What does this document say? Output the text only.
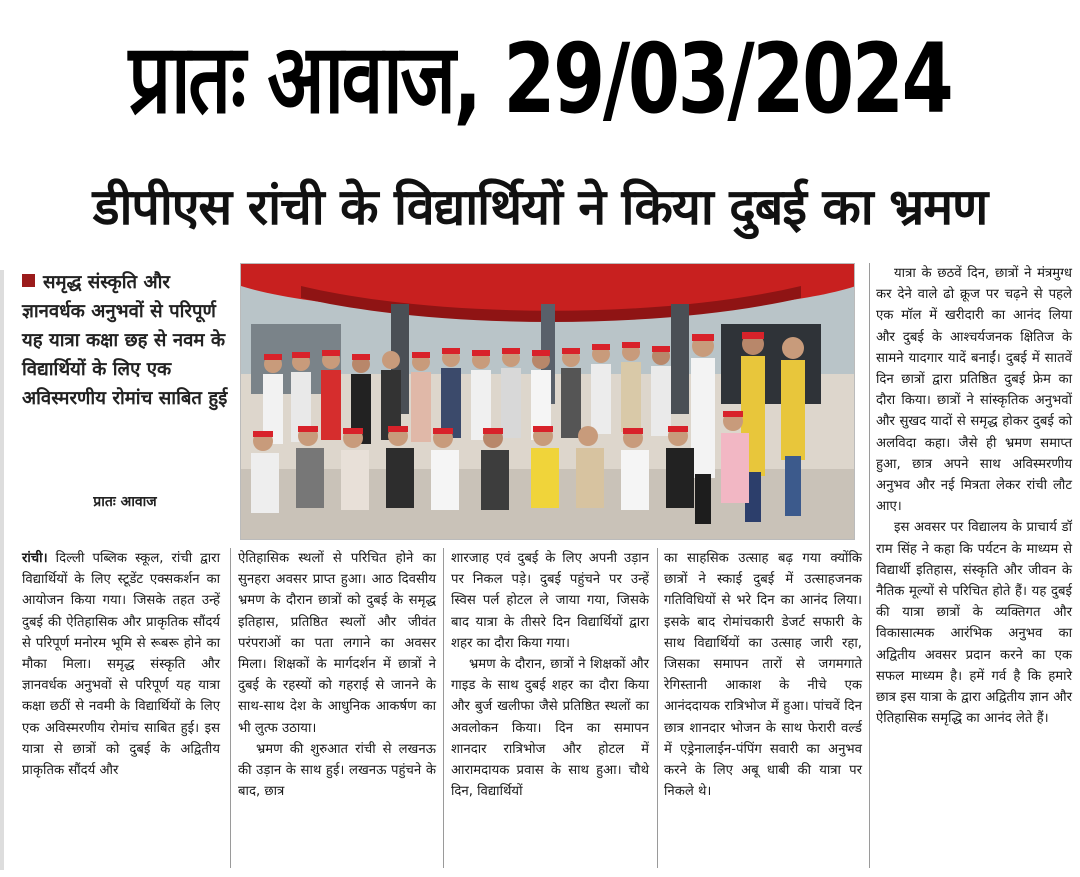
प्रातः आवाज, 29/03/2024
डीपीएस रांची के विद्यार्थियों ने किया दुबई का भ्रमण
समृद्ध संस्कृति और ज्ञानवर्धक अनुभवों से परिपूर्ण यह यात्रा कक्षा छह से नवम के विद्यार्थियों के लिए एक अविस्मरणीय रोमांच साबित हुई
प्रातः आवाज

रांची। दिल्ली पब्लिक स्कूल, रांची द्वारा विद्यार्थियों के लिए स्टूडेंट एक्सकर्शन का आयोजन किया गया। जिसके तहत उन्हें दुबई की ऐतिहासिक और प्राकृतिक सौंदर्य से परिपूर्ण मनोरम भूमि से रूबरू होने का मौका मिला। समृद्ध संस्कृति और ज्ञानवर्धक अनुभवों से परिपूर्ण यह यात्रा कक्षा छठीं से नवमी के विद्यार्थियों के लिए एक अविस्मरणीय रोमांच साबित हुई। इस यात्रा से छात्रों को दुबई के अद्वितीय प्राकृतिक सौंदर्य और

ऐतिहासिक स्थलों से परिचित होने का सुनहरा अवसर प्राप्त हुआ। आठ दिवसीय भ्रमण के दौरान छात्रों को दुबई के समृद्ध इतिहास, प्रतिष्ठित स्थलों और जीवंत परंपराओं का पता लगाने का अवसर मिला। शिक्षकों के मार्गदर्शन में छात्रों ने दुबई के रहस्यों को गहराई से जानने के साथ-साथ देश के आधुनिक आकर्षण का भी लुत्फ उठाया।

भ्रमण की शुरुआत रांची से लखनऊ की उड़ान के साथ हुई। लखनऊ पहुंचने के बाद, छात्र

शारजाह एवं दुबई के लिए अपनी उड़ान पर निकल पड़े। दुबई पहुंचने पर उन्हें स्विस पर्ल होटल ले जाया गया, जिसके बाद यात्रा के तीसरे दिन विद्यार्थियों द्वारा शहर का दौरा किया गया।

भ्रमण के दौरान, छात्रों ने शिक्षकों और गाइड के साथ दुबई शहर का दौरा किया और बुर्ज खलीफा जैसे प्रतिष्ठित स्थलों का अवलोकन किया। दिन का समापन शानदार रात्रिभोज और होटल में आरामदायक प्रवास के साथ हुआ। चौथे दिन, विद्यार्थियों

का साहसिक उत्साह बढ़ गया क्योंकि छात्रों ने स्काई दुबई में उत्साहजनक गतिविधियों से भरे दिन का आनंद लिया। इसके बाद रोमांचकारी डेजर्ट सफारी के साथ विद्यार्थियों का उत्साह जारी रहा, जिसका समापन तारों से जगमगाते रेगिस्तानी आकाश के नीचे एक आनंददायक रात्रिभोज में हुआ। पांचवें दिन छात्र शानदार भोजन के साथ फेरारी वर्ल्ड में एड्रेनालाईन-पंपिंग सवारी का अनुभव करने के लिए अबू धाबी की यात्रा पर निकले थे।

यात्रा के छठवें दिन, छात्रों ने मंत्रमुग्ध कर देने वाले ढो क्रूज पर चढ़ने से पहले एक मॉल में खरीदारी का आनंद लिया और दुबई के आश्चर्यजनक क्षितिज के सामने यादगार यादें बनाईं। दुबई में सातवें दिन छात्रों द्वारा प्रतिष्ठित दुबई फ्रेम का दौरा किया। छात्रों ने सांस्कृतिक अनुभवों और सुखद यादों से समृद्ध होकर दुबई को अलविदा कहा। जैसे ही भ्रमण समाप्त हुआ, छात्र अपने साथ अविस्मरणीय अनुभव और नई मित्रता लेकर रांची लौट आए।

इस अवसर पर विद्यालय के प्राचार्य डॉ राम सिंह ने कहा कि पर्यटन के माध्यम से विद्यार्थी इतिहास, संस्कृति और जीवन के नैतिक मूल्यों से परिचित होते हैं। यह दुबई की यात्रा छात्रों के व्यक्तिगत और विकासात्मक आरंभिक अनुभव का अद्वितीय अवसर प्रदान करने का एक सफल माध्यम है। हमें गर्व है कि हमारे छात्र इस यात्रा के द्वारा अद्वितीय ज्ञान और ऐतिहासिक समृद्धि का आनंद लेते हैं।
